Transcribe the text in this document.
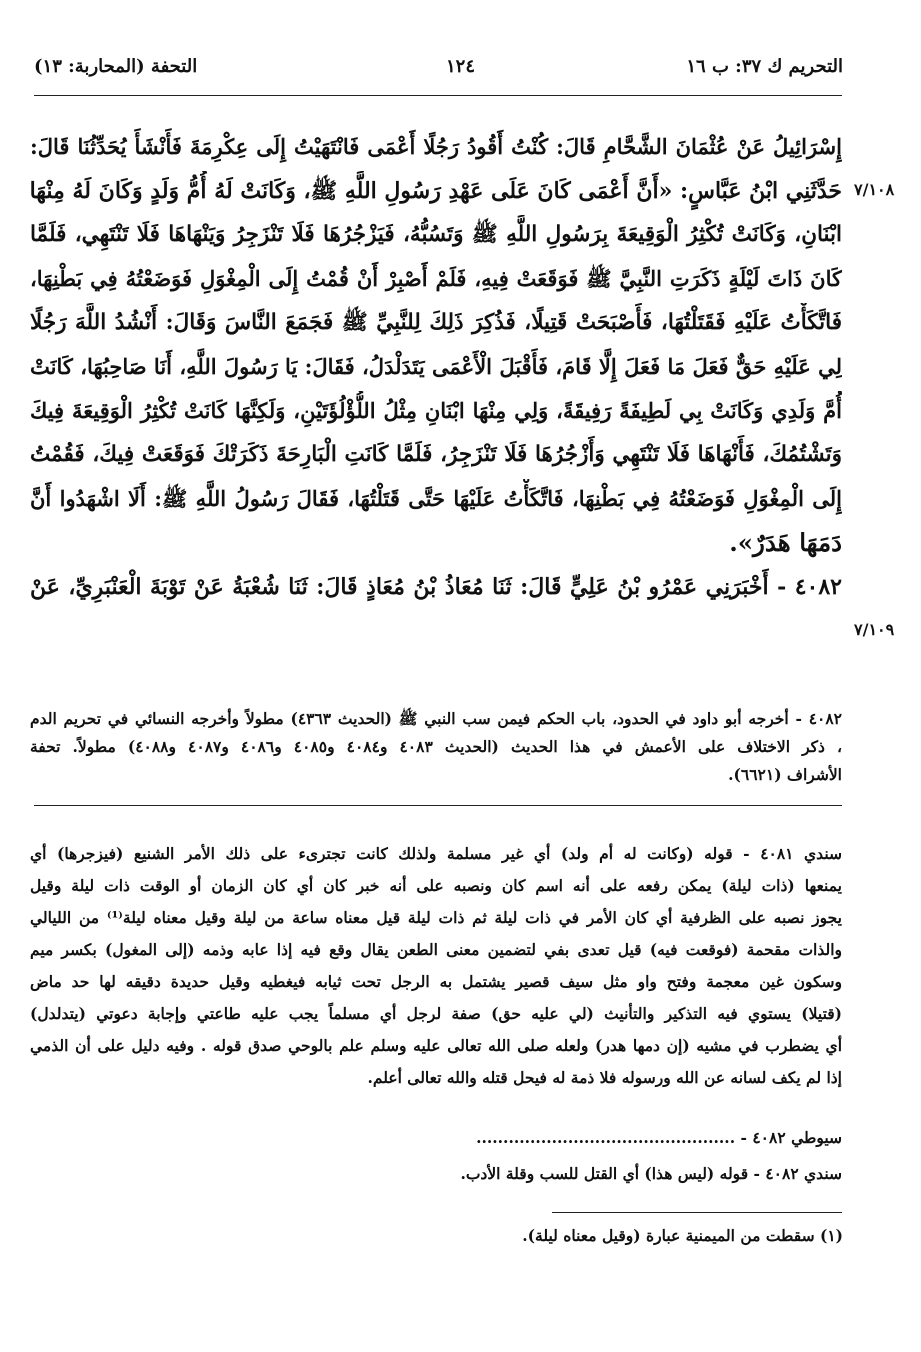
التحريم ك ٣٧: ب ١٦
١٢٤
التحفة (المحاربة: ١٣)
إِسْرَائِيلُ عَنْ عُثْمَانَ الشَّحَّامِ قَالَ: كُنْتُ أَقُودُ رَجُلًا أَعْمَى فَانْتَهَيْتُ إِلَى عِكْرِمَةَ فَأَنْشَأَ يُحَدِّثُنَا قَالَ:
حَدَّثَنِي ابْنُ عَبَّاسٍ: «أَنَّ أَعْمَى كَانَ عَلَى عَهْدِ رَسُولِ اللَّهِ ﷺ، وَكَانَتْ لَهُ أُمُّ وَلَدٍ وَكَانَ لَهُ مِنْهَا
ابْنَانِ، وَكَانَتْ تُكْثِرُ الْوَقِيعَةَ بِرَسُولِ اللَّهِ ﷺ وَتَسُبُّهُ، فَيَزْجُرُهَا فَلَا تَنْزَجِرُ وَيَنْهَاهَا فَلَا تَنْتَهِي، فَلَمَّا
كَانَ ذَاتَ لَيْلَةٍ ذَكَرَتِ النَّبِيَّ ﷺ فَوَقَعَتْ فِيهِ، فَلَمْ أَصْبِرْ أَنْ قُمْتُ إِلَى الْمِغْوَلِ فَوَضَعْتُهُ فِي بَطْنِهَا،
فَاتَّكَأْتُ عَلَيْهِ فَقَتَلْتُهَا، فَأَصْبَحَتْ قَتِيلًا، فَذُكِرَ ذَلِكَ لِلنَّبِيِّ ﷺ فَجَمَعَ النَّاسَ وَقَالَ: أَنْشُدُ اللَّهَ رَجُلًا
لِي عَلَيْهِ حَقٌّ فَعَلَ مَا فَعَلَ إِلَّا قَامَ، فَأَقْبَلَ الْأَعْمَى يَتَدَلْدَلُ، فَقَالَ: يَا رَسُولَ اللَّهِ، أَنَا صَاحِبُهَا، كَانَتْ
أُمَّ وَلَدِي وَكَانَتْ بِي لَطِيفَةً رَفِيقَةً، وَلِي مِنْهَا ابْنَانِ مِثْلُ اللُّؤْلُؤَتَيْنِ، وَلَكِنَّهَا كَانَتْ تُكْثِرُ الْوَقِيعَةَ فِيكَ
وَتَشْتُمُكَ، فَأَنْهَاهَا فَلَا تَنْتَهِي وَأَزْجُرُهَا فَلَا تَنْزَجِرُ، فَلَمَّا كَانَتِ الْبَارِحَةَ ذَكَرَتْكَ فَوَقَعَتْ فِيكَ، فَقُمْتُ
إِلَى الْمِغْوَلِ فَوَضَعْتُهُ فِي بَطْنِهَا، فَاتَّكَأْتُ عَلَيْهَا حَتَّى قَتَلْتُهَا، فَقَالَ رَسُولُ اللَّهِ ﷺ: أَلَا اشْهَدُوا أَنَّ
دَمَهَا هَدَرٌ».
٤٠٨٢ - أَخْبَرَنِي عَمْرُو بْنُ عَلِيٍّ قَالَ: ثَنَا مُعَاذُ بْنُ مُعَاذٍ قَالَ: ثَنَا شُعْبَةُ عَنْ تَوْبَةَ الْعَنْبَرِيِّ، عَنْ
٧/١٠٨
٧/١٠٩
٤٠٨٢ - أخرجه أبو داود في الحدود، باب الحكم فيمن سب النبي ﷺ (الحديث ٤٣٦٣) مطولاً وأخرجه النسائي في تحريم الدم
، ذكر الاختلاف على الأعمش في هذا الحديث (الحديث ٤٠٨٣ و٤٠٨٤ و٤٠٨٥ و٤٠٨٦ و٤٠٨٧ و٤٠٨٨) مطولاً. تحفة
الأشراف (٦٦٢١).
سندي ٤٠٨١ - قوله (وكانت له أم ولد) أي غير مسلمة ولذلك كانت تجترىء على ذلك الأمر الشنيع (فيزجرها) أي
يمنعها (ذات ليلة) يمكن رفعه على أنه اسم كان ونصبه على أنه خبر كان أي كان الزمان أو الوقت ذات ليلة وقيل
يجوز نصبه على الظرفية أي كان الأمر في ذات ليلة ثم ذات ليلة قيل معناه ساعة من ليلة وقيل معناه ليلة⁽¹⁾ من الليالي
والذات مقحمة (فوقعت فيه) قيل تعدى بفي لتضمين معنى الطعن يقال وقع فيه إذا عابه وذمه (إلى المغول) بكسر ميم
وسكون غين معجمة وفتح واو مثل سيف قصير يشتمل به الرجل تحت ثيابه فيغطيه وقيل حديدة دقيقه لها حد ماض
(قتيلا) يستوي فيه التذكير والتأنيث (لي عليه حق) صفة لرجل أي مسلماً يجب عليه طاعتي وإجابة دعوتي (يتدلدل)
أي يضطرب في مشيه (إن دمها هدر) ولعله صلى الله تعالى عليه وسلم علم بالوحي صدق قوله . وفيه دليل على أن الذمي
إذا لم يكف لسانه عن الله ورسوله فلا ذمة له فيحل قتله والله تعالى أعلم.
سيوطي ٤٠٨٢ - ................................................
سندي ٤٠٨٢ - قوله (ليس هذا) أي القتل للسب وقلة الأدب.
(١) سقطت من الميمنية عبارة (وقيل معناه ليلة).
